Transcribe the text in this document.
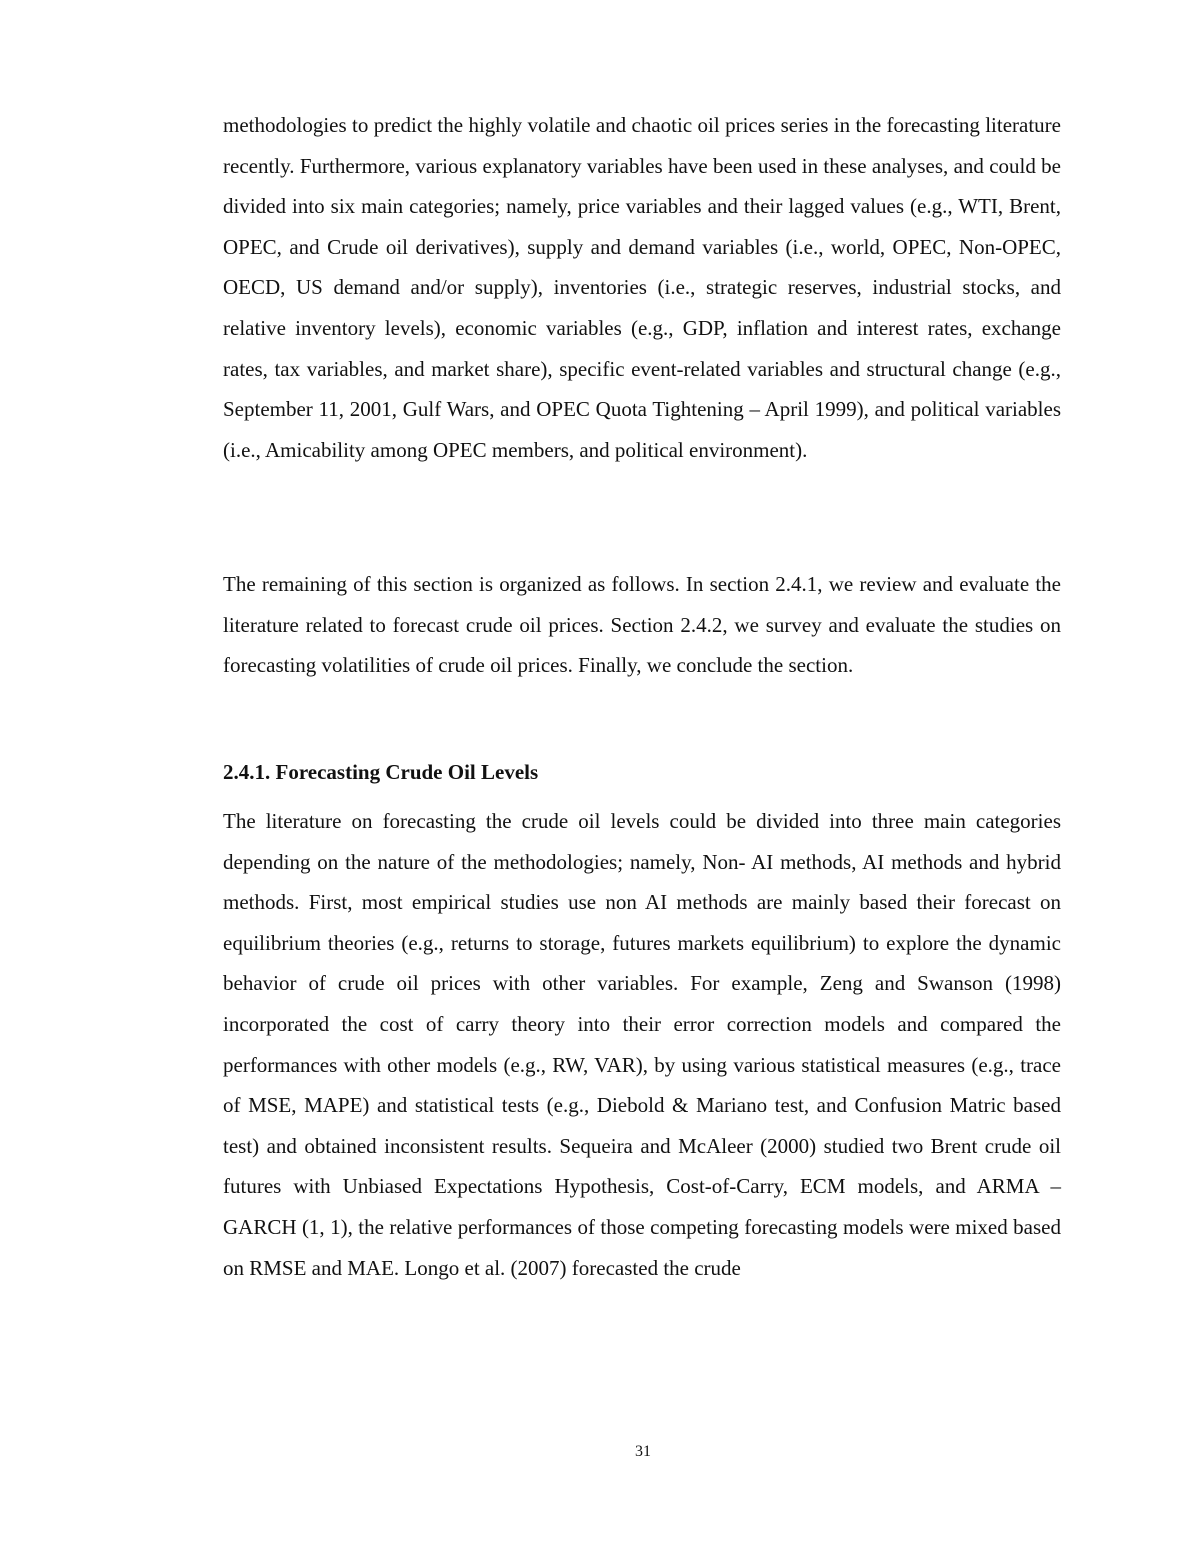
methodologies to predict the highly volatile and chaotic oil prices series in the forecasting literature recently. Furthermore, various explanatory variables have been used in these analyses, and could be divided into six main categories; namely, price variables and their lagged values (e.g., WTI, Brent, OPEC, and Crude oil derivatives), supply and demand variables (i.e., world, OPEC, Non-OPEC, OECD, US demand and/or supply), inventories (i.e., strategic reserves, industrial stocks, and relative inventory levels), economic variables (e.g., GDP, inflation and interest rates, exchange rates, tax variables, and market share), specific event-related variables and structural change (e.g., September 11, 2001, Gulf Wars, and OPEC Quota Tightening – April 1999), and political variables (i.e., Amicability among OPEC members, and political environment).

The remaining of this section is organized as follows. In section 2.4.1, we review and evaluate the literature related to forecast crude oil prices. Section 2.4.2, we survey and evaluate the studies on forecasting volatilities of crude oil prices. Finally, we conclude the section.

2.4.1. Forecasting Crude Oil Levels

The literature on forecasting the crude oil levels could be divided into three main categories depending on the nature of the methodologies; namely, Non- AI methods, AI methods and hybrid methods. First, most empirical studies use non AI methods are mainly based their forecast on equilibrium theories (e.g., returns to storage, futures markets equilibrium) to explore the dynamic behavior of crude oil prices with other variables. For example, Zeng and Swanson (1998) incorporated the cost of carry theory into their error correction models and compared the performances with other models (e.g., RW, VAR), by using various statistical measures (e.g., trace of MSE, MAPE) and statistical tests (e.g., Diebold & Mariano test, and Confusion Matric based test) and obtained inconsistent results. Sequeira and McAleer (2000) studied two Brent crude oil futures with Unbiased Expectations Hypothesis, Cost-of-Carry, ECM models, and ARMA – GARCH (1, 1), the relative performances of those competing forecasting models were mixed based on RMSE and MAE. Longo et al. (2007) forecasted the crude

31
